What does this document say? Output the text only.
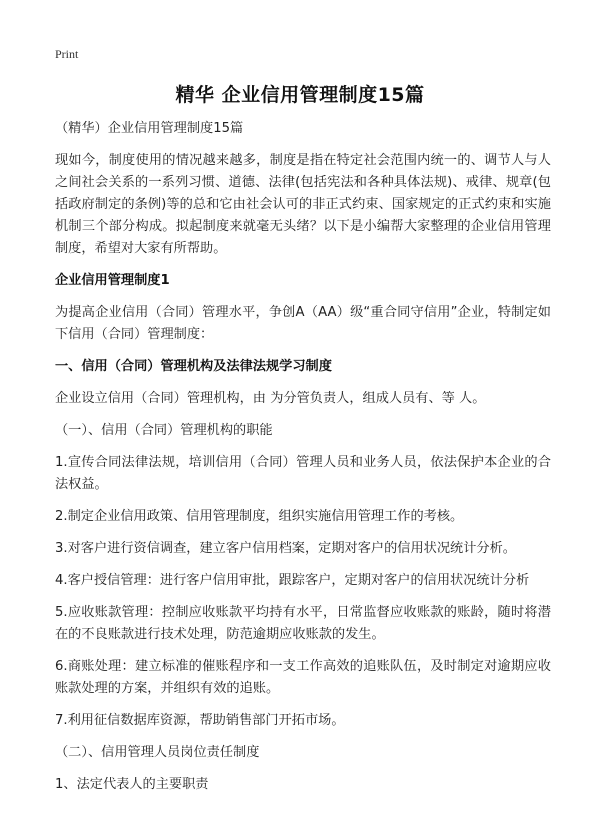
Print
精华 企业信用管理制度15篇

（精华）企业信用管理制度15篇

现如今，制度使用的情况越来越多，制度是指在特定社会范围内统一的、调节人与人之间社会关系的一系列习惯、道德、法律(包括宪法和各种具体法规)、戒律、规章(包括政府制定的条例)等的总和它由社会认可的非正式约束、国家规定的正式约束和实施机制三个部分构成。拟起制度来就毫无头绪？以下是小编帮大家整理的企业信用管理制度，希望对大家有所帮助。

企业信用管理制度1

为提高企业信用（合同）管理水平，争创A（AA）级“重合同守信用”企业，特制定如下信用（合同）管理制度：

一、信用（合同）管理机构及法律法规学习制度

企业设立信用（合同）管理机构，由 为分管负责人，组成人员有、等 人。

（一）、信用（合同）管理机构的职能

1.宣传合同法律法规，培训信用（合同）管理人员和业务人员，依法保护本企业的合法权益。

2.制定企业信用政策、信用管理制度，组织实施信用管理工作的考核。

3.对客户进行资信调查，建立客户信用档案，定期对客户的信用状况统计分析。

4.客户授信管理：进行客户信用审批，跟踪客户，定期对客户的信用状况统计分析

5.应收账款管理：控制应收账款平均持有水平，日常监督应收账款的账龄，随时将潜在的不良账款进行技术处理，防范逾期应收账款的发生。

6.商账处理：建立标准的催账程序和一支工作高效的追账队伍，及时制定对逾期应收账款处理的方案，并组织有效的追账。

7.利用征信数据库资源，帮助销售部门开拓市场。

（二）、信用管理人员岗位责任制度

1、法定代表人的主要职责
